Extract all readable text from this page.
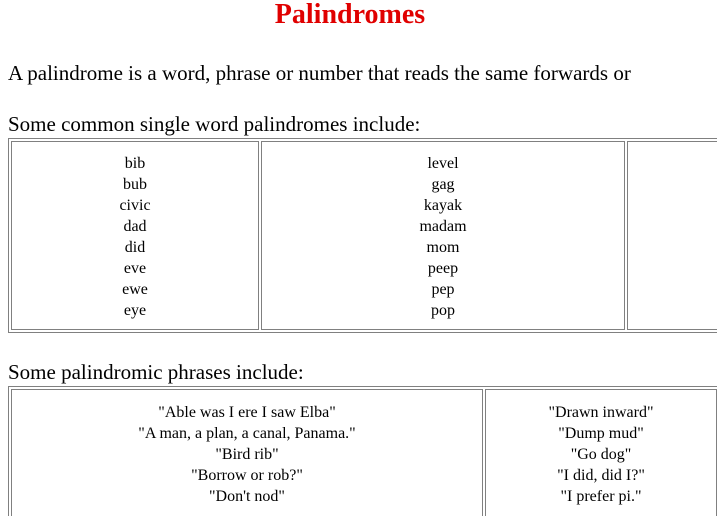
Palindromes

A palindrome is a word, phrase or number that reads the same forwards or

Some common single word palindromes include:

bib
bub
civic
dad
did
eve
ewe
eye
level
gag
kayak
madam
mom
peep
pep
pop

Some palindromic phrases include:

"Able was I ere I saw Elba"
"A man, a plan, a canal, Panama."
"Bird rib"
"Borrow or rob?"
"Don't nod"
"Drawn inward"
"Dump mud"
"Go dog"
"I did, did I?"
"I prefer pi."
